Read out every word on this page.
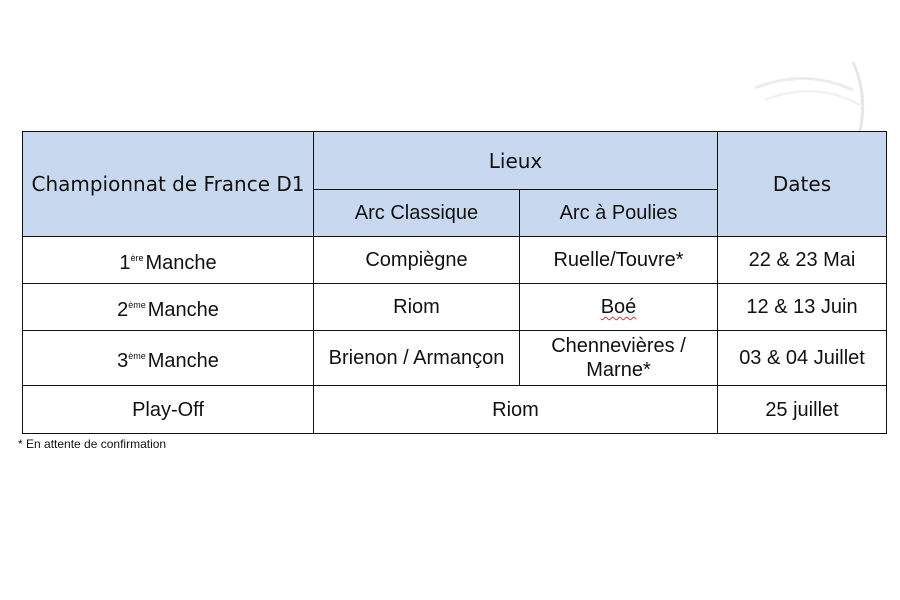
Championnat de France D1	Lieux		Dates
	Arc Classique	Arc à Poulies	
1ère Manche	Compiègne	Ruelle/Touvre*	22 & 23 Mai
2ème Manche	Riom	Boé	12 & 13 Juin
3ème Manche	Brienon / Armançon	Chennevières / Marne*	03 & 04 Juillet
Play-Off	Riom		25 juillet
* En attente de confirmation
